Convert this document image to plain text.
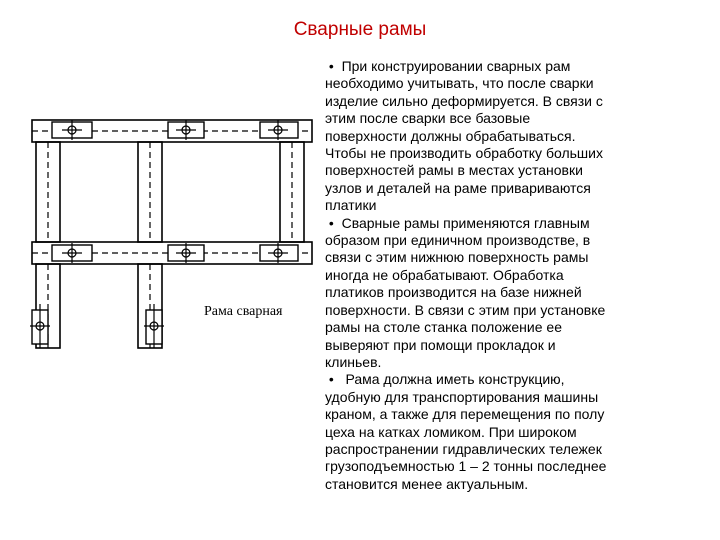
Сварные рамы
Рама сварная
• При конструировании сварных рам
необходимо учитывать, что после сварки
изделие сильно деформируется. В связи с
этим после сварки все базовые
поверхности должны обрабатываться.
Чтобы не производить обработку больших
поверхностей рамы в местах установки
узлов и деталей на раме привариваются
платики
• Сварные рамы применяются главным
образом при единичном производстве, в
связи с этим нижнюю поверхность рамы
иногда не обрабатывают. Обработка
платиков производится на базе нижней
поверхности. В связи с этим при установке
рамы на столе станка положение ее
выверяют при помощи прокладок и
клиньев.
• Рама должна иметь конструкцию,
удобную для транспортирования машины
краном, а также для перемещения по полу
цеха на катках ломиком. При широком
распространении гидравлических тележек
грузоподъемностью 1 – 2 тонны последнее
становится менее актуальным.
